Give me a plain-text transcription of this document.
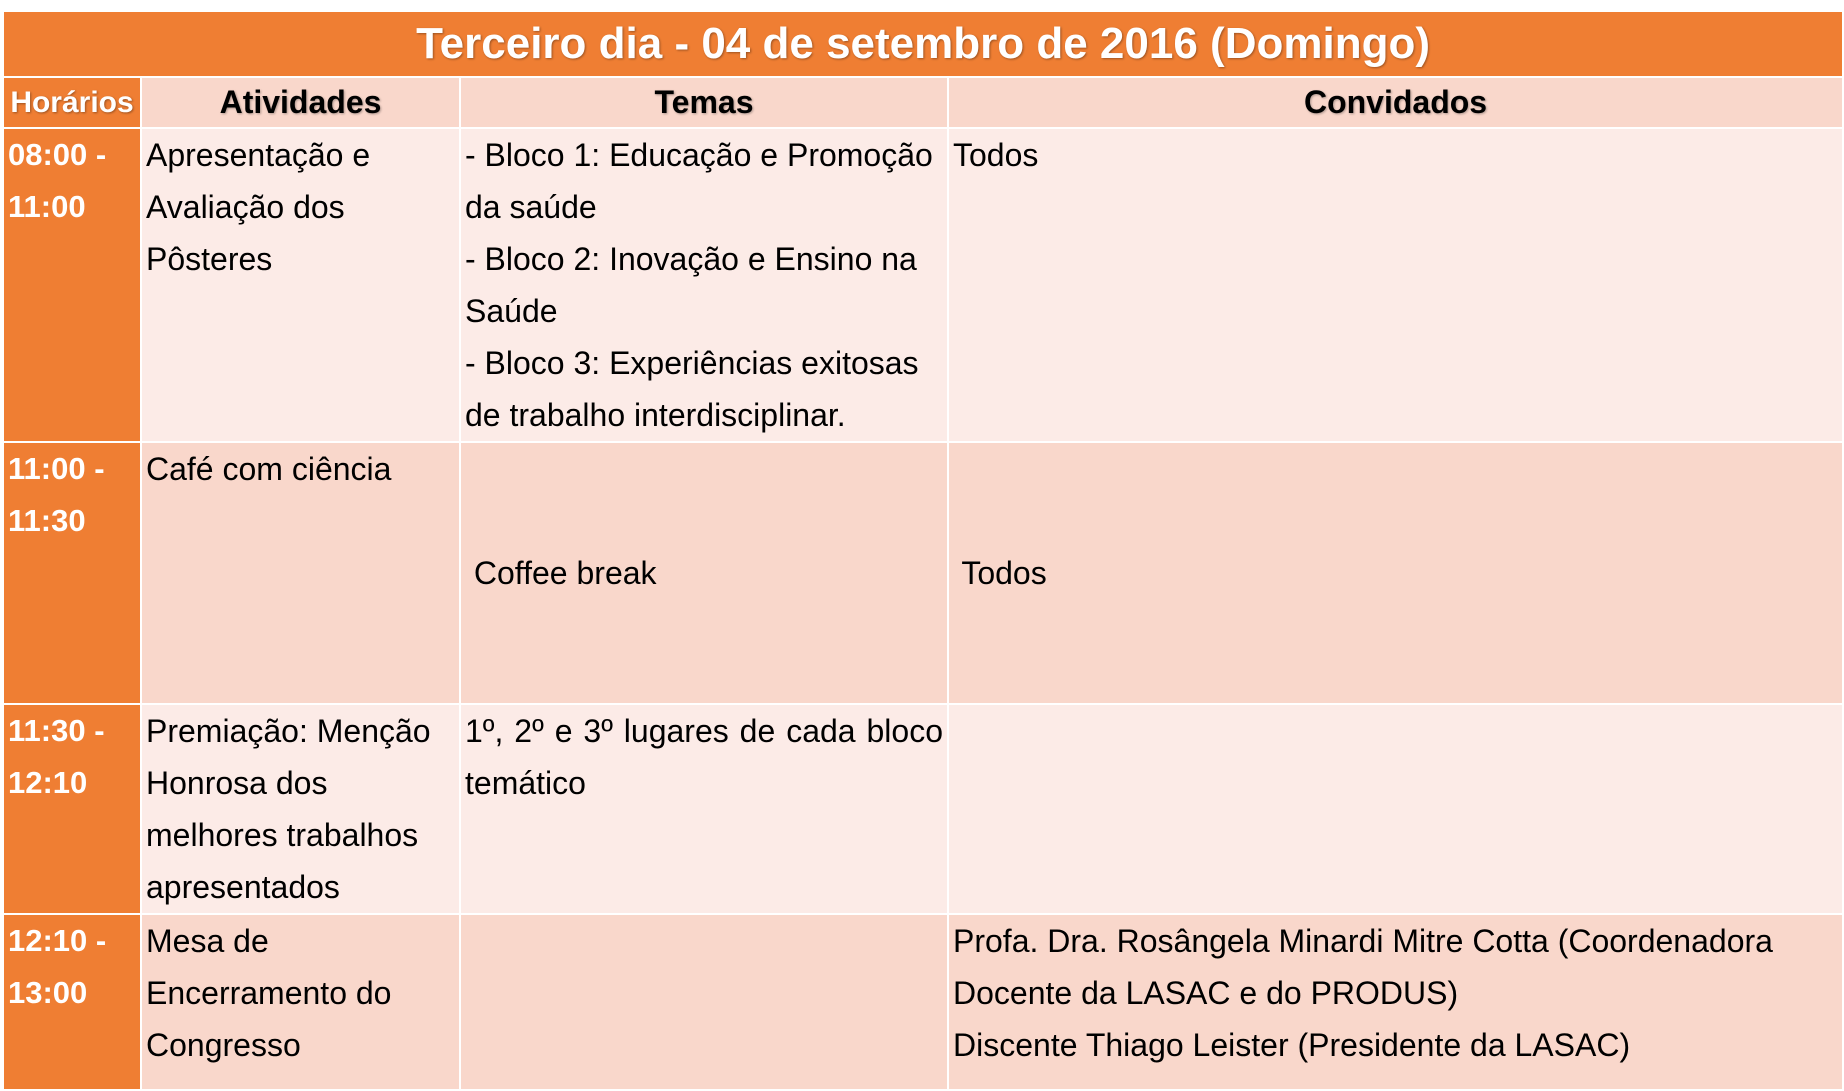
Terceiro dia - 04 de setembro de 2016 (Domingo)			
Horários	Atividades	Temas	Convidados

08:00 -
11:00	Apresentação e Avaliação dos Pôsteres	- Bloco 1: Educação e Promoção da saúde
- Bloco 2: Inovação e Ensino na Saúde
- Bloco 3: Experiências exitosas de trabalho interdisciplinar.	Todos

11:00 -
11:30	Café com ciência	Coffee break	Todos

11:30 -
12:10	Premiação: Menção Honrosa dos melhores trabalhos apresentados	1º, 2º e 3º lugares de cada bloco temático	

12:10 -
13:00	Mesa de Encerramento do Congresso		Profa. Dra. Rosângela Minardi Mitre Cotta (Coordenadora Docente da LASAC e do PRODUS)
Discente Thiago Leister (Presidente da LASAC)
